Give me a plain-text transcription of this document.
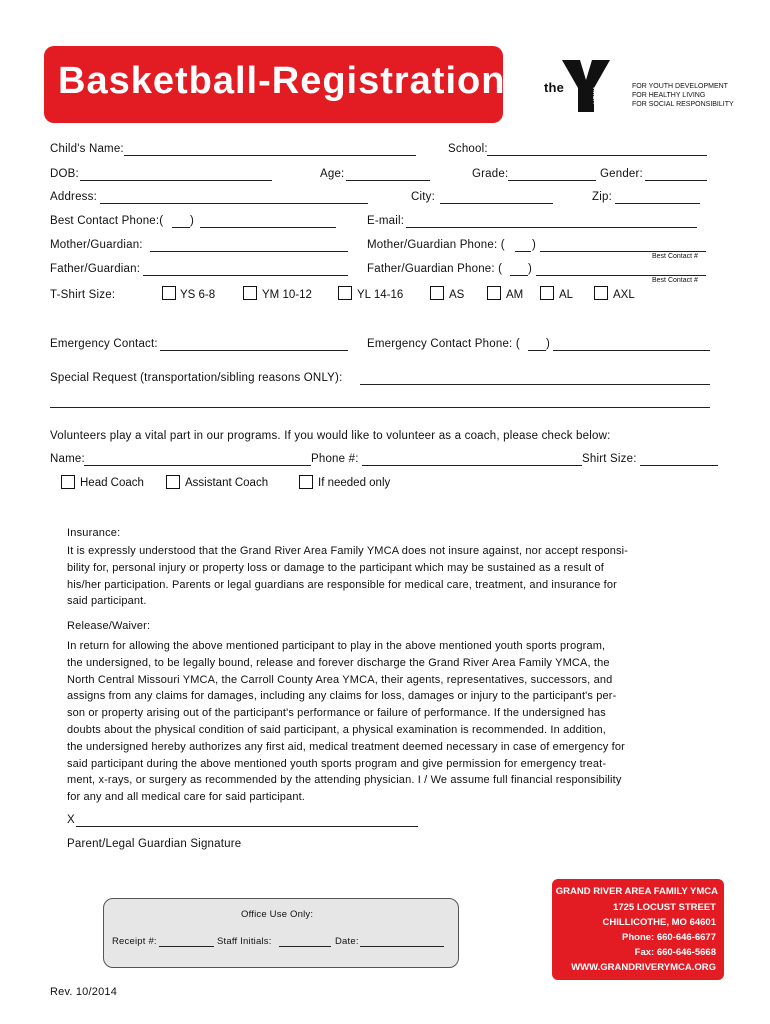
Basketball-Registration	the	YMCA	FOR YOUTH DEVELOPMENT
FOR HEALTHY LIVING
FOR SOCIAL RESPONSIBILITY
Child's Name:	School:
DOB:	Age:	Grade:	Gender:
Address:	City:	Zip:
Best Contact Phone:( )	E-mail:
Mother/Guardian:	Mother/Guardian Phone: ( )
Best Contact #
Father/Guardian:	Father/Guardian Phone: ( )
Best Contact #
T-Shirt Size:	YS 6-8	YM 10-12	YL 14-16	AS	AM	AL	AXL
Emergency Contact:	Emergency Contact Phone: ( )
Special Request (transportation/sibling reasons ONLY):
Volunteers play a vital part in our programs. If you would like to volunteer as a coach, please check below:
Name:	Phone #:	Shirt Size:
Head Coach	Assistant Coach	If needed only
Insurance:
It is expressly understood that the Grand River Area Family YMCA does not insure against, nor accept responsi-
bility for, personal injury or property loss or damage to the participant which may be sustained as a result of
his/her participation. Parents or legal guardians are responsible for medical care, treatment, and insurance for
said participant.
Release/Waiver:
In return for allowing the above mentioned participant to play in the above mentioned youth sports program,
the undersigned, to be legally bound, release and forever discharge the Grand River Area Family YMCA, the
North Central Missouri YMCA, the Carroll County Area YMCA, their agents, representatives, successors, and
assigns from any claims for damages, including any claims for loss, damages or injury to the participant's per-
son or property arising out of the participant's performance or failure of performance. If the undersigned has
doubts about the physical condition of said participant, a physical examination is recommended. In addition,
the undersigned hereby authorizes any first aid, medical treatment deemed necessary in case of emergency for
said participant during the above mentioned youth sports program and give permission for emergency treat-
ment, x-rays, or surgery as recommended by the attending physician. I / We assume full financial responsibility
for any and all medical care for said participant.
X
Parent/Legal Guardian Signature
Office Use Only:
Receipt #:	Staff Initials:	Date:
GRAND RIVER AREA FAMILY YMCA
1725 LOCUST STREET
CHILLICOTHE, MO 64601
Phone: 660-646-6677
Fax: 660-646-5668
WWW.GRANDRIVERYMCA.ORG
Rev. 10/2014
